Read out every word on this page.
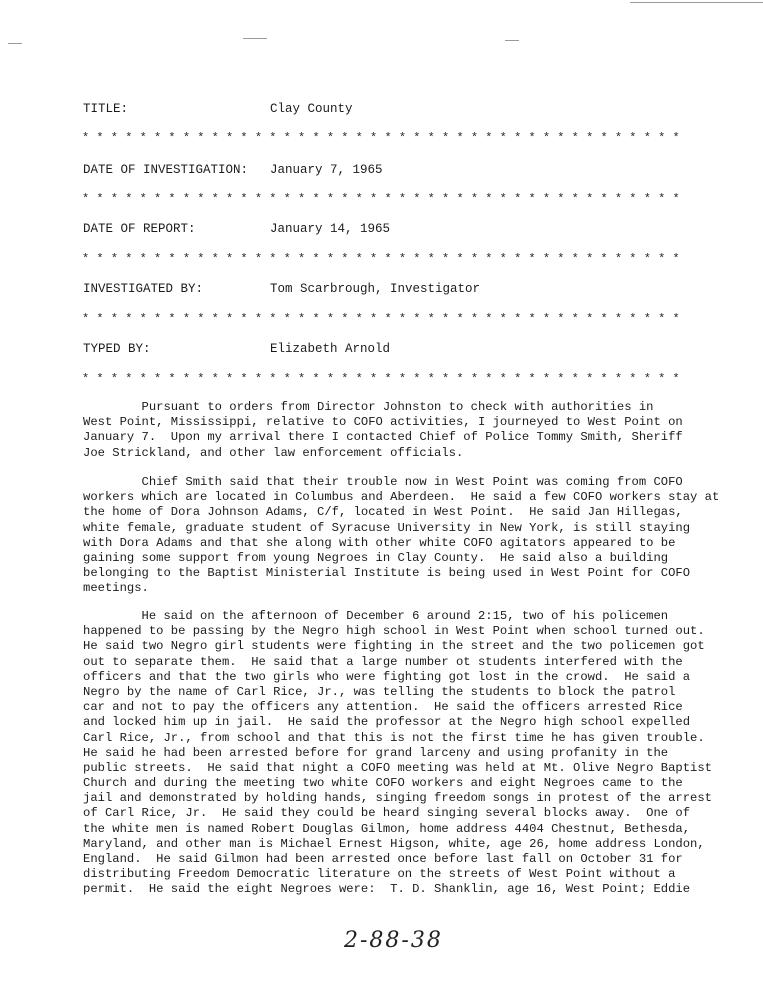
TITLE:

	Clay County

* * * * * * * * * * * * * * * * * * * * * * * * * * * * * * * * * * * * * * * * * *

DATE OF INVESTIGATION:

January 7, 1965

* * * * * * * * * * * * * * * * * * * * * * * * * * * * * * * * * * * * * * * * * *

DATE OF REPORT:

	January 14, 1965

* * * * * * * * * * * * * * * * * * * * * * * * * * * * * * * * * * * * * * * * * *

INVESTIGATED BY:

	Tom Scarbrough, Investigator

* * * * * * * * * * * * * * * * * * * * * * * * * * * * * * * * * * * * * * * * * *

TYPED BY:

	Elizabeth Arnold

* * * * * * * * * * * * * * * * * * * * * * * * * * * * * * * * * * * * * * * * * *
Pursuant to orders from Director Johnston to check with authorities in
West Point, Mississippi, relative to COFO activities, I journeyed to West Point on
January 7.  Upon my arrival there I contacted Chief of Police Tommy Smith, Sheriff
Joe Strickland, and other law enforcement officials.
Chief Smith said that their trouble now in West Point was coming from COFO
workers which are located in Columbus and Aberdeen.  He said a few COFO workers stay at
the home of Dora Johnson Adams, C/f, located in West Point.  He said Jan Hillegas,
white female, graduate student of Syracuse University in New York, is still staying
with Dora Adams and that she along with other white COFO agitators appeared to be
gaining some support from young Negroes in Clay County.  He said also a building
belonging to the Baptist Ministerial Institute is being used in West Point for COFO
meetings.
He said on the afternoon of December 6 around 2:15, two of his policemen
happened to be passing by the Negro high school in West Point when school turned out.
He said two Negro girl students were fighting in the street and the two policemen got
out to separate them.  He said that a large number ot students interfered with the
officers and that the two girls who were fighting got lost in the crowd.  He said a
Negro by the name of Carl Rice, Jr., was telling the students to block the patrol
car and not to pay the officers any attention.  He said the officers arrested Rice
and locked him up in jail.  He said the professor at the Negro high school expelled
Carl Rice, Jr., from school and that this is not the first time he has given trouble.
He said he had been arrested before for grand larceny and using profanity in the
public streets.  He said that night a COFO meeting was held at Mt. Olive Negro Baptist
Church and during the meeting two white COFO workers and eight Negroes came to the
jail and demonstrated by holding hands, singing freedom songs in protest of the arrest
of Carl Rice, Jr.  He said they could be heard singing several blocks away.  One of
the white men is named Robert Douglas Gilmon, home address 4404 Chestnut, Bethesda,
Maryland, and other man is Michael Ernest Higson, white, age 26, home address London,
England.  He said Gilmon had been arrested once before last fall on October 31 for
distributing Freedom Democratic literature on the streets of West Point without a
permit.  He said the eight Negroes were:  T. D. Shanklin, age 16, West Point; Eddie
2-88-38
